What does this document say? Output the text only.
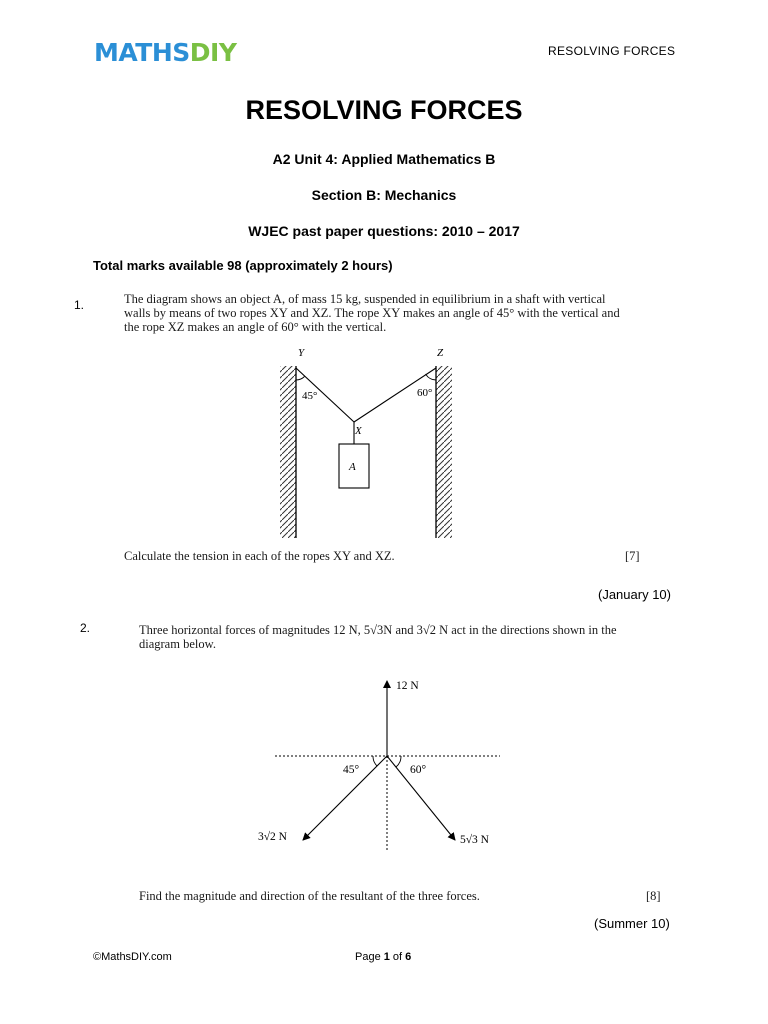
MATHSDIY	RESOLVING FORCES
RESOLVING FORCES
A2 Unit 4: Applied Mathematics B
Section B: Mechanics
WJEC past paper questions: 2010 – 2017
Total marks available 98 (approximately 2 hours)
1.	The diagram shows an object A, of mass 15 kg, suspended in equilibrium in a shaft with vertical
walls by means of two ropes XY and XZ. The rope XY makes an angle of 45° with the vertical and
the rope XZ makes an angle of 60° with the vertical.
Y	Z
45°	60°
X
A
Calculate the tension in each of the ropes XY and XZ.	[7]
(January 10)
2.	Three horizontal forces of magnitudes 12 N, 5√3N and 3√2 N act in the directions shown in the
diagram below.
12 N
45°	60°
3√2 N	5√3 N
Find the magnitude and direction of the resultant of the three forces.	[8]
(Summer 10)
©MathsDIY.com	Page 1 of 6
